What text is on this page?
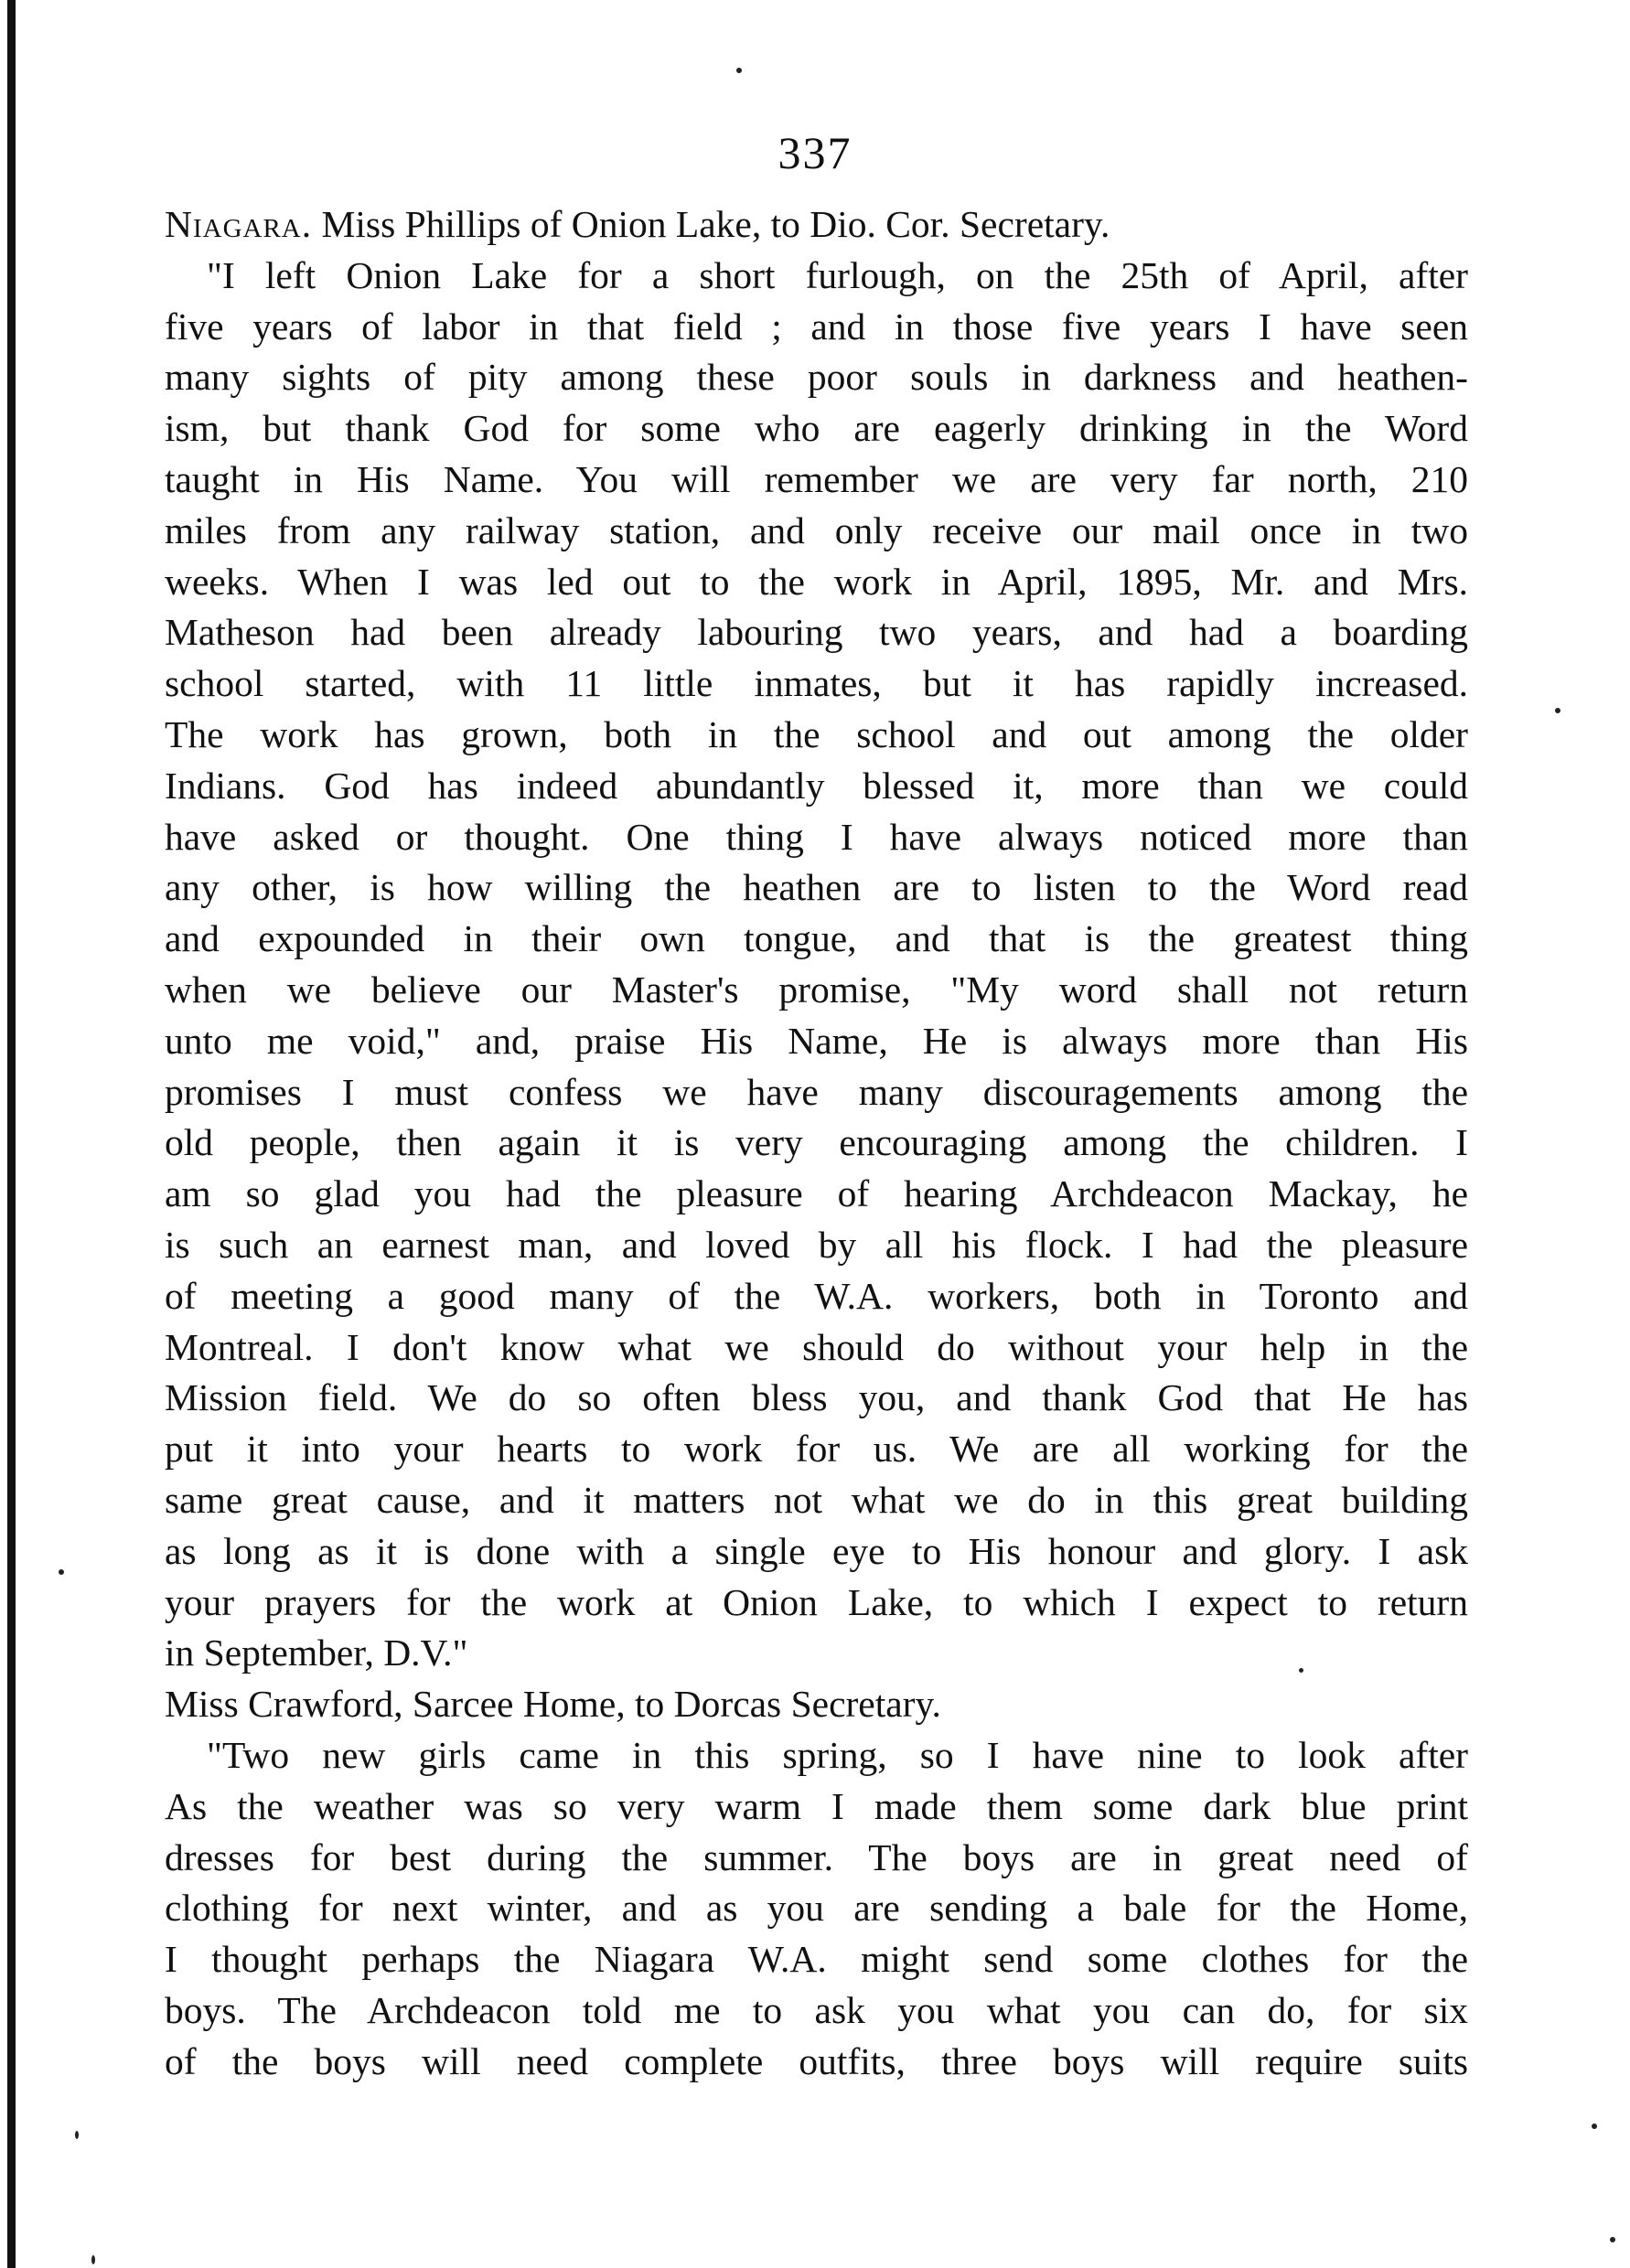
337
Niagara. Miss Phillips of Onion Lake, to Dio. Cor. Secretary.
"I left Onion Lake for a short furlough, on the 25th of April, after
five years of labor in that field ; and in those five years I have seen
many sights of pity among these poor souls in darkness and heathen-
ism, but thank God for some who are eagerly drinking in the Word
taught in His Name. You will remember we are very far north, 210
miles from any railway station, and only receive our mail once in two
weeks. When I was led out to the work in April, 1895, Mr. and Mrs.
Matheson had been already labouring two years, and had a boarding
school started, with 11 little inmates, but it has rapidly increased.
The work has grown, both in the school and out among the older
Indians. God has indeed abundantly blessed it, more than we could
have asked or thought. One thing I have always noticed more than
any other, is how willing the heathen are to listen to the Word read
and expounded in their own tongue, and that is the greatest thing
when we believe our Master's promise, "My word shall not return
unto me void," and, praise His Name, He is always more than His
promises I must confess we have many discouragements among the
old people, then again it is very encouraging among the children. I
am so glad you had the pleasure of hearing Archdeacon Mackay, he
is such an earnest man, and loved by all his flock. I had the pleasure
of meeting a good many of the W.A. workers, both in Toronto and
Montreal. I don't know what we should do without your help in the
Mission field. We do so often bless you, and thank God that He has
put it into your hearts to work for us. We are all working for the
same great cause, and it matters not what we do in this great building
as long as it is done with a single eye to His honour and glory. I ask
your prayers for the work at Onion Lake, to which I expect to return
in September, D.V."
Miss Crawford, Sarcee Home, to Dorcas Secretary.
"Two new girls came in this spring, so I have nine to look after
As the weather was so very warm I made them some dark blue print
dresses for best during the summer. The boys are in great need of
clothing for next winter, and as you are sending a bale for the Home,
I thought perhaps the Niagara W.A. might send some clothes for the
boys. The Archdeacon told me to ask you what you can do, for six
of the boys will need complete outfits, three boys will require suits
